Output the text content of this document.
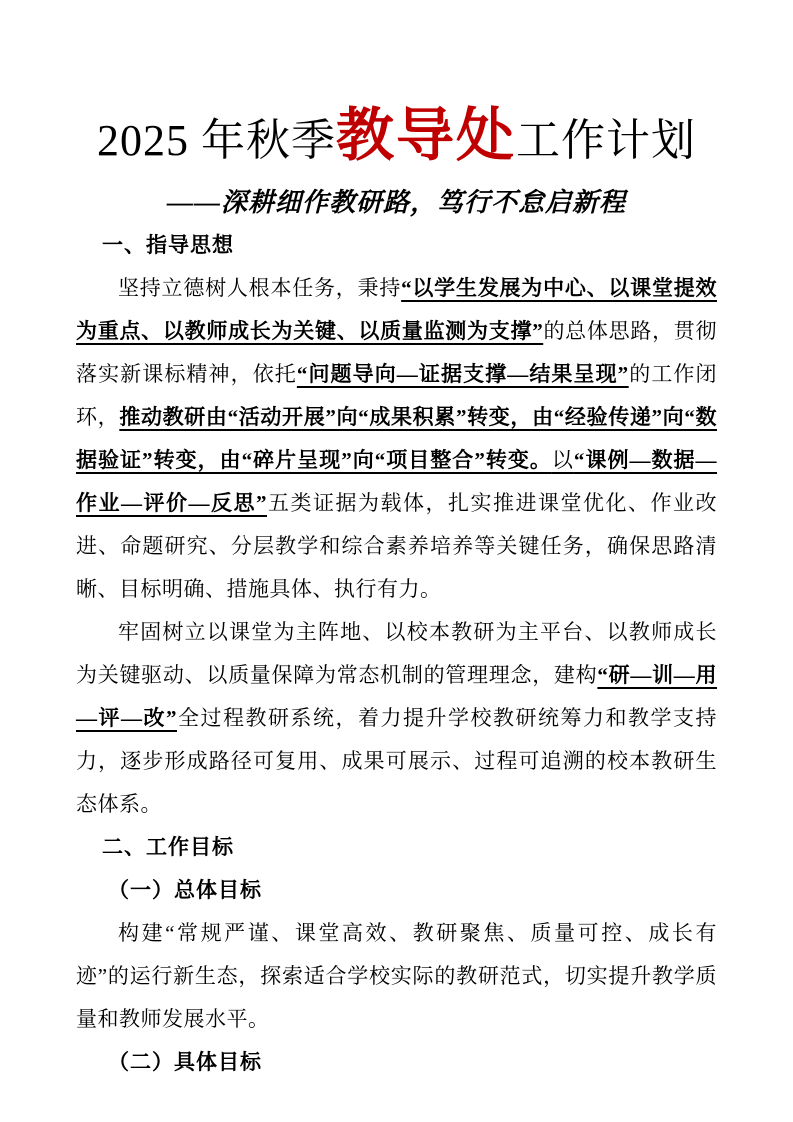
2025 年秋季教导处工作计划
——深耕细作教研路，笃行不怠启新程
一、指导思想

坚持立德树人根本任务，秉持“以学生发展为中心、以课堂提效为重点、以教师成长为关键、以质量监测为支撑”的总体思路，贯彻落实新课标精神，依托“问题导向—证据支撑—结果呈现”的工作闭环，推动教研由“活动开展”向“成果积累”转变，由“经验传递”向“数据验证”转变，由“碎片呈现”向“项目整合”转变。以“课例—数据—作业—评价—反思”五类证据为载体，扎实推进课堂优化、作业改进、命题研究、分层教学和综合素养培养等关键任务，确保思路清晰、目标明确、措施具体、执行有力。

牢固树立以课堂为主阵地、以校本教研为主平台、以教师成长为关键驱动、以质量保障为常态机制的管理理念，建构“研—训—用—评—改”全过程教研系统，着力提升学校教研统筹力和教学支持力，逐步形成路径可复用、成果可展示、过程可追溯的校本教研生态体系。

二、工作目标
（一）总体目标

构建“常规严谨、课堂高效、教研聚焦、质量可控、成长有迹”的运行新生态，探索适合学校实际的教研范式，切实提升教学质量和教师发展水平。

（二）具体目标
